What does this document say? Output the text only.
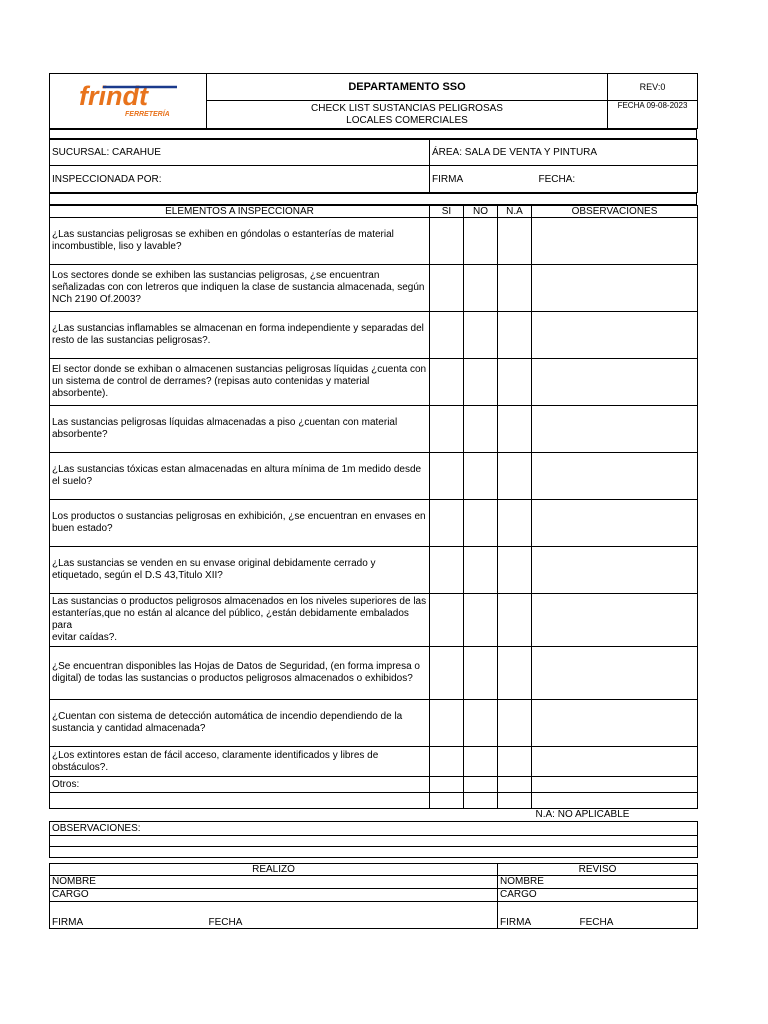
frindt
FERRETERÍA	DEPARTAMENTO SSO	REV:0
	CHECK LIST SUSTANCIAS PELIGROSAS
LOCALES COMERCIALES	FECHA 09-08-2023
SUCURSAL: CARAHUE	ÁREA: SALA DE VENTA Y PINTURA	
INSPECCIONADA POR:	FIRMA	FECHA:
ELEMENTOS A INSPECCIONAR	SI	NO	N.A	OBSERVACIONES
¿Las sustancias peligrosas se exhiben en góndolas o estanterías de material incombustible, liso y lavable?				
Los sectores donde se exhiben las sustancias peligrosas, ¿se encuentran señalizadas con con letreros que indiquen la clase de sustancia almacenada, según NCh 2190 Of.2003?				
¿Las sustancias inflamables se almacenan en forma independiente y separadas del resto de las sustancias peligrosas?.				
El sector donde se exhiban o almacenen sustancias peligrosas líquidas ¿cuenta con un sistema de control de derrames? (repisas auto contenidas y material absorbente).				
Las sustancias peligrosas líquidas almacenadas a piso ¿cuentan con material absorbente?				
¿Las sustancias tóxicas estan almacenadas en altura mínima de 1m medido desde el suelo?				
Los productos o sustancias peligrosas en exhibición, ¿se encuentran en envases en buen estado?				
¿Las sustancias se venden en su envase original debidamente cerrado y etiquetado, según el D.S 43,Titulo XII?				
Las sustancias o productos peligrosos almacenados en los niveles superiores de las estanterías,que no están al alcance del público, ¿están debidamente embalados para
evitar caídas?.				
¿Se encuentran disponibles las Hojas de Datos de Seguridad, (en forma impresa o digital) de todas las sustancias o productos peligrosos almacenados o exhibidos?				
¿Cuentan con sistema de detección automática de incendio dependiendo de la sustancia y cantidad almacenada?				
¿Los extintores estan de fácil acceso, claramente identificados y libres de obstáculos?.				
Otros:				

	N.A: NO APLICABLE
OBSERVACIONES:

REALIZÓ		REVISÓ	
NOMBRE		NOMBRE	
CARGO		CARGO	
FIRMA	FECHA	FIRMA	FECHA
